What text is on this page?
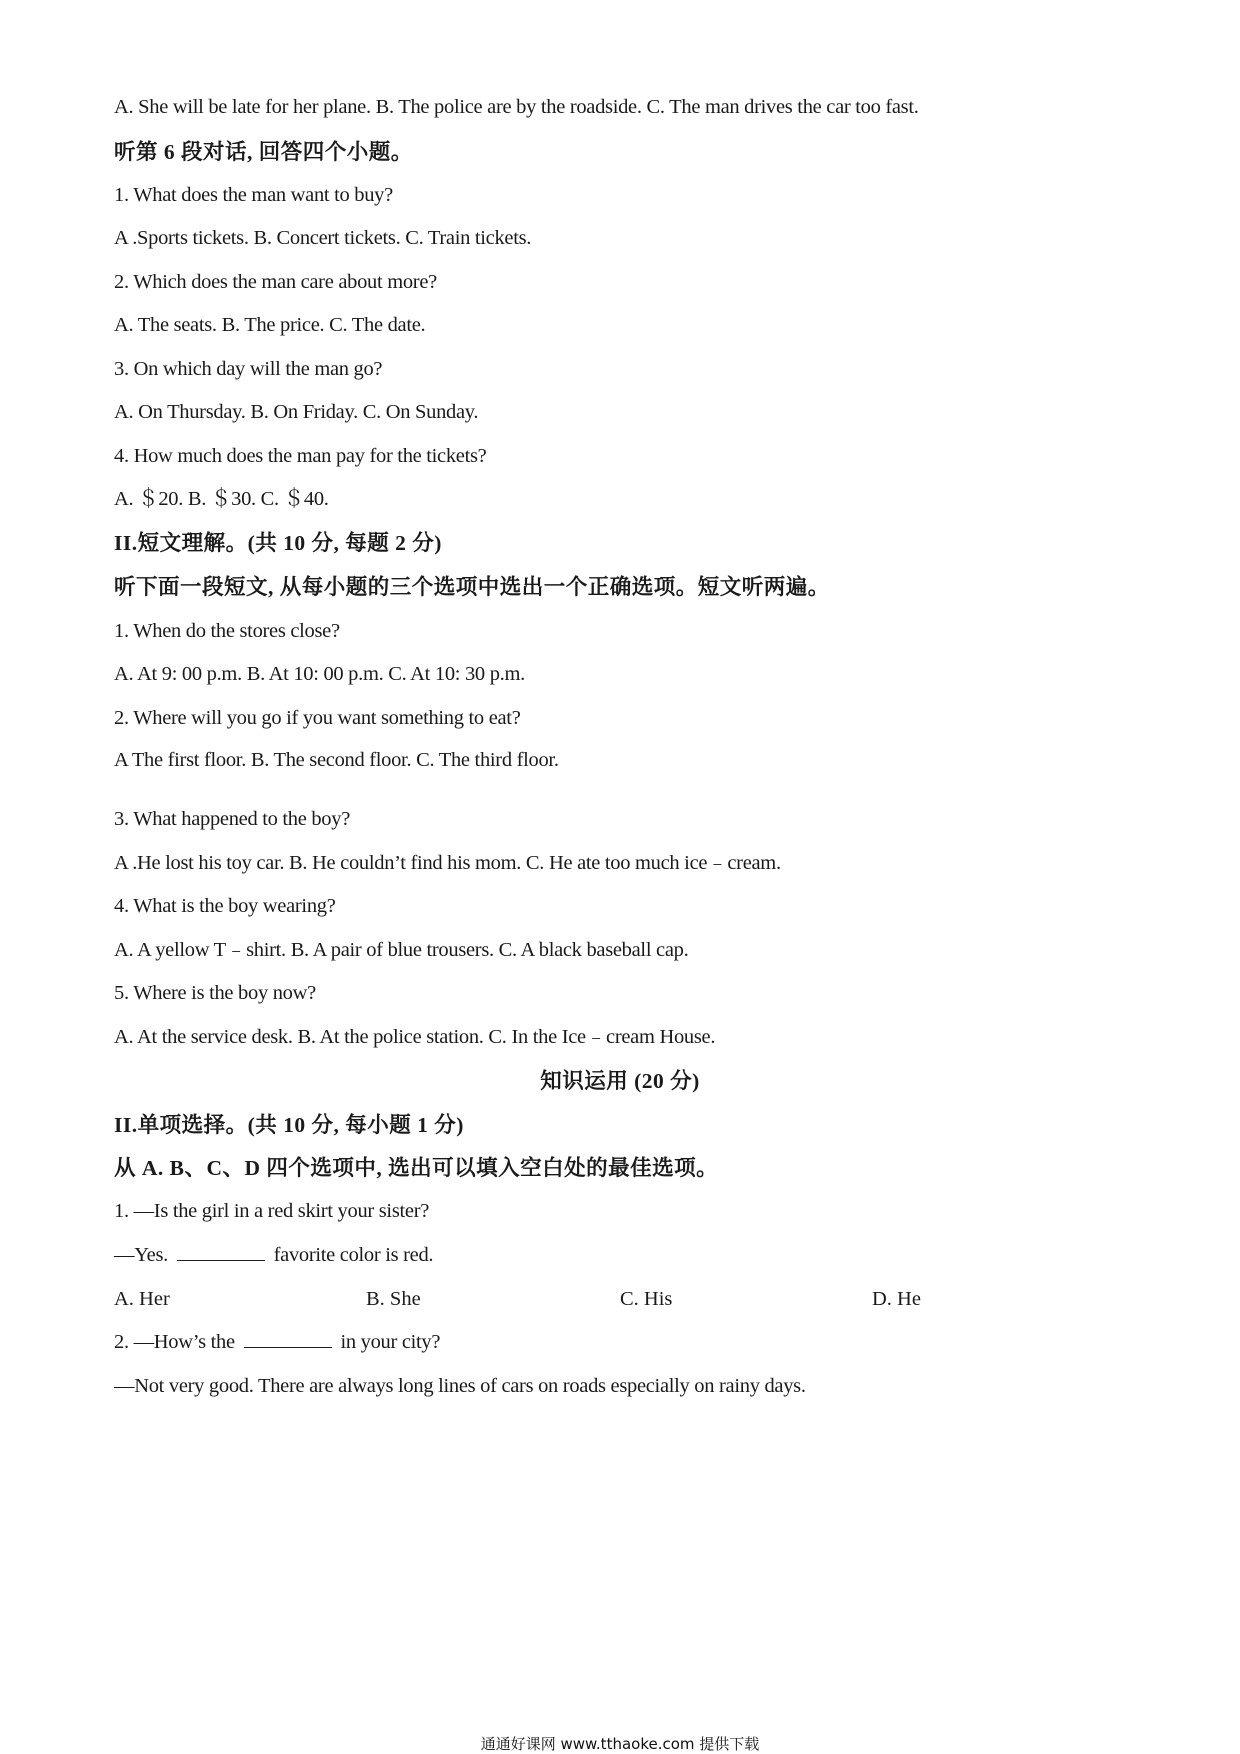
A. She will be late for her plane. B. The police are by the roadside. C. The man drives the car too fast.
听第 6 段对话, 回答四个小题。
1. What does the man want to buy?
A .Sports tickets. B. Concert tickets. C. Train tickets.
2. Which does the man care about more?
A. The seats. B. The price. C. The date.
3. On which day will the man go?
A. On Thursday. B. On Friday. C. On Sunday.
4. How much does the man pay for the tickets?
A. ＄20. B. ＄30. C. ＄40.
II.短文理解。(共 10 分, 每题 2 分)
听下面一段短文, 从每小题的三个选项中选出一个正确选项。短文听两遍。
1. When do the stores close?
A. At 9: 00 p.m. B. At 10: 00 p.m. C. At 10: 30 p.m.
2. Where will you go if you want something to eat?
A The first floor. B. The second floor. C. The third floor.
3. What happened to the boy?
A .He lost his toy car. B. He couldn’t find his mom. C. He ate too much ice﹣cream.
4. What is the boy wearing?
A. A yellow T﹣shirt. B. A pair of blue trousers. C. A black baseball cap.
5. Where is the boy now?
A. At the service desk. B. At the police station. C. In the Ice﹣cream House.
知识运用 (20 分)
II.单项选择。(共 10 分, 每小题 1 分)
从 A. B、C、D 四个选项中, 选出可以填入空白处的最佳选项。
1. —Is the girl in a red skirt your sister?
—Yes.	favorite color is red.
A. Her	B. She	C. His	D. He
2. —How’s the	in your city?
—Not very good. There are always long lines of cars on roads especially on rainy days.
通通好课网 www.tthaoke.com 提供下载
